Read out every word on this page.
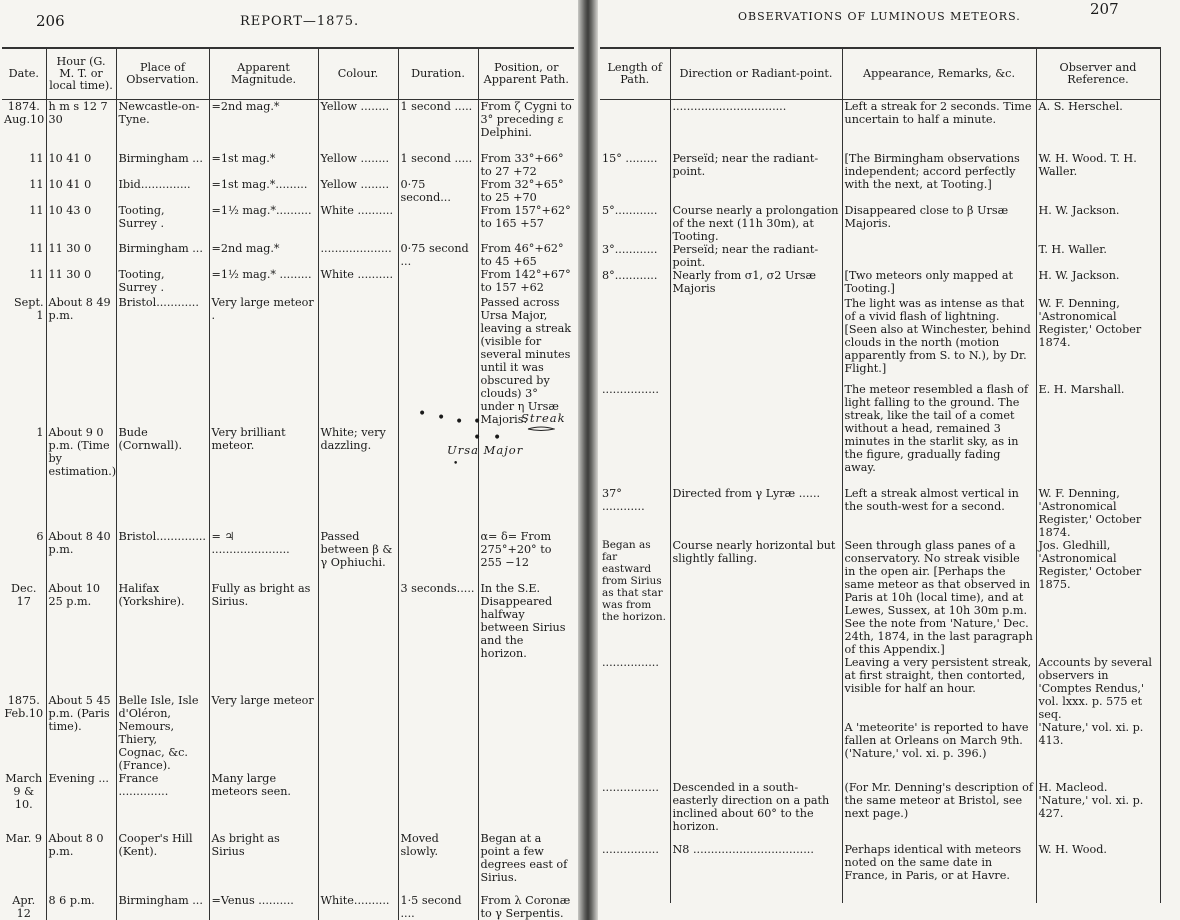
206	REPORT—1875.
Date.	Hour (G. M. T. or local time).	Place of Observation.	Apparent Magnitude.	Colour.	Duration.	Position, or Apparent Path.
1874. Aug.10	h m s 12 7 30	Newcastle-on-Tyne.	=2nd mag.*	Yellow ........	1 second .....	From ζ Cygni to 3° preceding ε Delphini.
11	10 41 0	Birmingham ...	=1st mag.*	Yellow ........	1 second .....	From 33°+66° to 27 +72
11	10 41 0	Ibid..............	=1st mag.*.........	Yellow ........	0·75 second...	From 32°+65° to 25 +70
11	10 43 0	Tooting, Surrey .	=1½ mag.*..........	White ..........		From 157°+62° to 165 +57
11	11 30 0	Birmingham ...	=2nd mag.*	....................	0·75 second ...	From 46°+62° to 45 +65
11	11 30 0	Tooting, Surrey .	=1½ mag.* .........	White ..........		From 142°+67° to 157 +62
Sept. 1	About 8 49 p.m.	Bristol............	Very large meteor .			Passed across Ursa Major, leaving a streak (visible for several minutes until it was obscured by clouds) 3° under η Ursæ Majoris.
1	About 9 0 p.m. (Time by estimation.)	Bude (Cornwall).	Very brilliant meteor.	White; very dazzling.		
6	About 8 40 p.m.	Bristol..............	= ♃ ......................	Passed between β & γ Ophiuchi.		α= δ= From 275°+20° to 255 −12
Dec. 17	About 10 25 p.m.	Halifax (Yorkshire).	Fully as bright as Sirius.		3 seconds.....	In the S.E. Disappeared halfway between Sirius and the horizon.
1875. Feb.10	About 5 45 p.m. (Paris time).	Belle Isle, Isle d'Oléron, Nemours, Thiery, Cognac, &c. (France).	Very large meteor			
March 9 & 10.	Evening ...	France ..............	Many large meteors seen.			
Mar. 9	About 8 0 p.m.	Cooper's Hill (Kent).	As bright as Sirius		Moved slowly.	Began at a point a few degrees east of Sirius.
Apr. 12	8 6 p.m.	Birmingham ...	=Venus ..........	White..........	1·5 second ....	From λ Coronæ to γ Serpentis.
• • • •
• •
•
Streak
Ursa Major
OBSERVATIONS OF LUMINOUS METEORS.	207
Length of Path.	Direction or Radiant-point.	Appearance, Remarks, &c.	Observer and Reference.
	................................	Left a streak for 2 seconds. Time uncertain to half a minute.	A. S. Herschel.
15° .........	Perseïd; near the radiant-point.	[The Birmingham observations independent; accord perfectly with the next, at Tooting.]	W. H. Wood. T. H. Waller.
5°............	Course nearly a prolongation of the next (11h 30m), at Tooting.	Disappeared close to β Ursæ Majoris.	H. W. Jackson.
3°............	Perseïd; near the radiant-point.		T. H. Waller.
8°............	Nearly from σ1, σ2 Ursæ Majoris	[Two meteors only mapped at Tooting.]	H. W. Jackson.
		The light was as intense as that of a vivid flash of lightning. [Seen also at Winchester, behind clouds in the north (motion apparently from S. to N.), by Dr. Flight.]	W. F. Denning, 'Astronomical Register,' October 1874.
................		The meteor resembled a flash of light falling to the ground. The streak, like the tail of a comet without a head, remained 3 minutes in the starlit sky, as in the figure, gradually fading away.	E. H. Marshall.
37° ............	Directed from γ Lyræ ......	Left a streak almost vertical in the south-west for a second.	W. F. Denning, 'Astronomical Register,' October 1874.
Began as far eastward from Sirius as that star was from the horizon.	Course nearly horizontal but slightly falling.	Seen through glass panes of a conservatory. No streak visible in the open air. [Perhaps the same meteor as that observed in Paris at 10h (local time), and at Lewes, Sussex, at 10h 30m p.m. See the note from 'Nature,' Dec. 24th, 1874, in the last paragraph of this Appendix.]	Jos. Gledhill, 'Astronomical Register,' October 1875.
................		Leaving a very persistent streak, at first straight, then contorted, visible for half an hour.	Accounts by several observers in 'Comptes Rendus,' vol. lxxx. p. 575 et seq.
		A 'meteorite' is reported to have fallen at Orleans on March 9th. ('Nature,' vol. xi. p. 396.)	'Nature,' vol. xi. p. 413.
................	Descended in a south-easterly direction on a path inclined about 60° to the horizon.	(For Mr. Denning's description of the same meteor at Bristol, see next page.)	H. Macleod. 'Nature,' vol. xi. p. 427.
................	N8 ..................................	Perhaps identical with meteors noted on the same date in France, in Paris, or at Havre.	W. H. Wood.
